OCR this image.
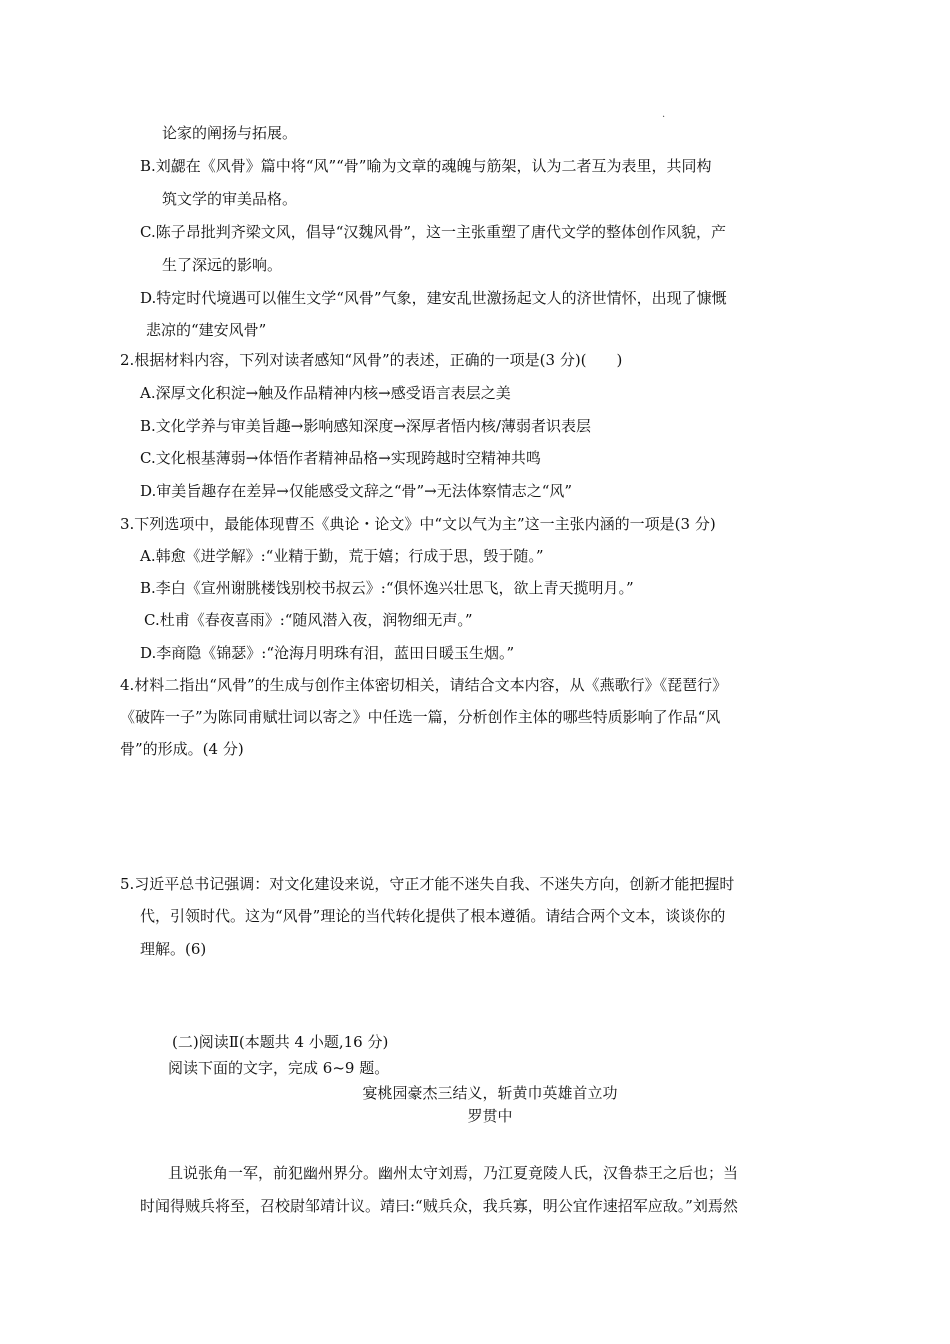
·
论家的阐扬与拓展。
B.刘勰在《风骨》篇中将“风”“骨”喻为文章的魂魄与筋架，认为二者互为表里，共同构
筑文学的审美品格。
C.陈子昂批判齐梁文风，倡导“汉魏风骨”，这一主张重塑了唐代文学的整体创作风貌，产
生了深远的影响。
D.特定时代境遇可以催生文学“风骨”气象，建安乱世激扬起文人的济世情怀，出现了慷慨
悲凉的“建安风骨”
2.根据材料内容，下列对读者感知“风骨”的表述，正确的一项是(3 分)(　　)
A.深厚文化积淀→触及作品精神内核→感受语言表层之美
B.文化学养与审美旨趣→影响感知深度→深厚者悟内核/薄弱者识表层
C.文化根基薄弱→体悟作者精神品格→实现跨越时空精神共鸣
D.审美旨趣存在差异→仅能感受文辞之“骨”→无法体察情志之“风”
3.下列选项中，最能体现曹丕《典论・论文》中“文以气为主”这一主张内涵的一项是(3 分)
A.韩愈《进学解》:“业精于勤，荒于嬉；行成于思，毁于随。”
B.李白《宣州谢朓楼饯别校书叔云》:“俱怀逸兴壮思飞，欲上青天揽明月。”
C.杜甫《春夜喜雨》:“随风潜入夜，润物细无声。”
D.李商隐《锦瑟》:“沧海月明珠有泪，蓝田日暖玉生烟。”
4.材料二指出“风骨”的生成与创作主体密切相关，请结合文本内容，从《燕歌行》《琵琶行》
《破阵一子”为陈同甫赋壮词以寄之》中任选一篇，分析创作主体的哪些特质影响了作品“风
骨”的形成。(4 分)
5.习近平总书记强调：对文化建设来说，守正才能不迷失自我、不迷失方向，创新才能把握时
代，引领时代。这为“风骨”理论的当代转化提供了根本遵循。请结合两个文本，谈谈你的
理解。(6)
(二)阅读Ⅱ(本题共 4 小题,16 分)
阅读下面的文字，完成 6~9 题。
宴桃园豪杰三结义，斩黄巾英雄首立功
罗贯中
且说张角一军，前犯幽州界分。幽州太守刘焉，乃江夏竟陵人氏，汉鲁恭王之后也；当
时闻得贼兵将至，召校尉邹靖计议。靖曰:“贼兵众，我兵寡，明公宜作速招军应敌。”刘焉然
